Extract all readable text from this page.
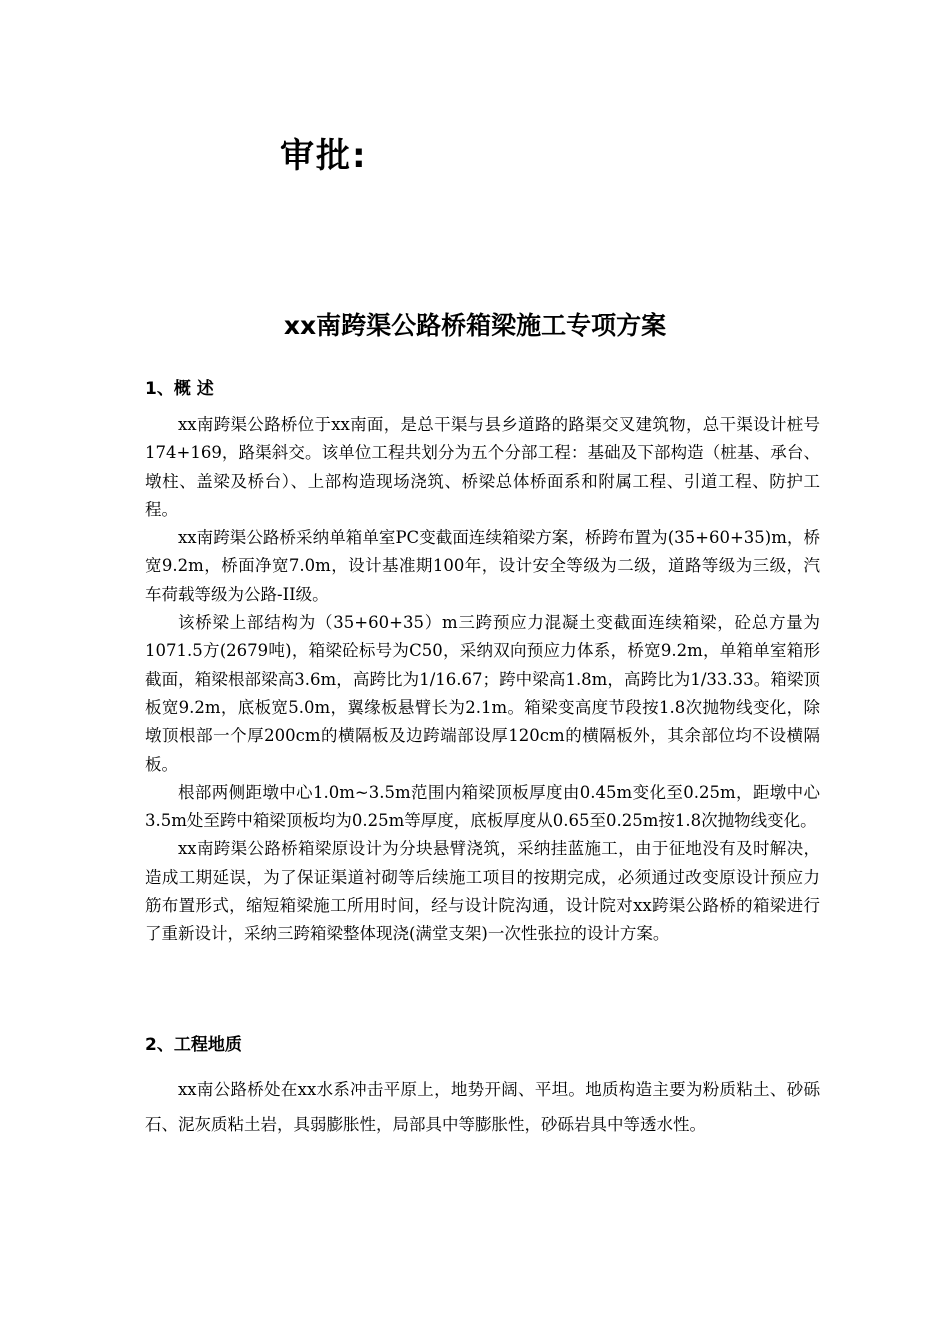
审批:
xx南跨渠公路桥箱梁施工专项方案
1、概 述

xx南跨渠公路桥位于xx南面，是总干渠与县乡道路的路渠交叉建筑物，总干渠设计桩号174+169，路渠斜交。该单位工程共划分为五个分部工程：基础及下部构造（桩基、承台、墩柱、盖梁及桥台）、上部构造现场浇筑、桥梁总体桥面系和附属工程、引道工程、防护工程。

xx南跨渠公路桥采纳单箱单室PC变截面连续箱梁方案，桥跨布置为(35+60+35)m，桥宽9.2m，桥面净宽7.0m，设计基准期100年，设计安全等级为二级，道路等级为三级，汽车荷载等级为公路-II级。

该桥梁上部结构为（35+60+35）m三跨预应力混凝土变截面连续箱梁，砼总方量为1071.5方(2679吨)，箱梁砼标号为C50，采纳双向预应力体系，桥宽9.2m，单箱单室箱形截面，箱梁根部梁高3.6m，高跨比为1/16.67；跨中梁高1.8m，高跨比为1/33.33。箱梁顶板宽9.2m，底板宽5.0m，翼缘板悬臂长为2.1m。箱梁变高度节段按1.8次抛物线变化，除墩顶根部一个厚200cm的横隔板及边跨端部设厚120cm的横隔板外，其余部位均不设横隔板。

根部两侧距墩中心1.0m~3.5m范围内箱梁顶板厚度由0.45m变化至0.25m，距墩中心3.5m处至跨中箱梁顶板均为0.25m等厚度，底板厚度从0.65至0.25m按1.8次抛物线变化。

xx南跨渠公路桥箱梁原设计为分块悬臂浇筑，采纳挂蓝施工，由于征地没有及时解决，造成工期延误，为了保证渠道衬砌等后续施工项目的按期完成，必须通过改变原设计预应力筋布置形式，缩短箱梁施工所用时间，经与设计院沟通，设计院对xx跨渠公路桥的箱梁进行了重新设计，采纳三跨箱梁整体现浇(满堂支架)一次性张拉的设计方案。

2、工程地质

xx南公路桥处在xx水系冲击平原上，地势开阔、平坦。地质构造主要为粉质粘土、砂砾石、泥灰质粘土岩，具弱膨胀性，局部具中等膨胀性，砂砾岩具中等透水性。
